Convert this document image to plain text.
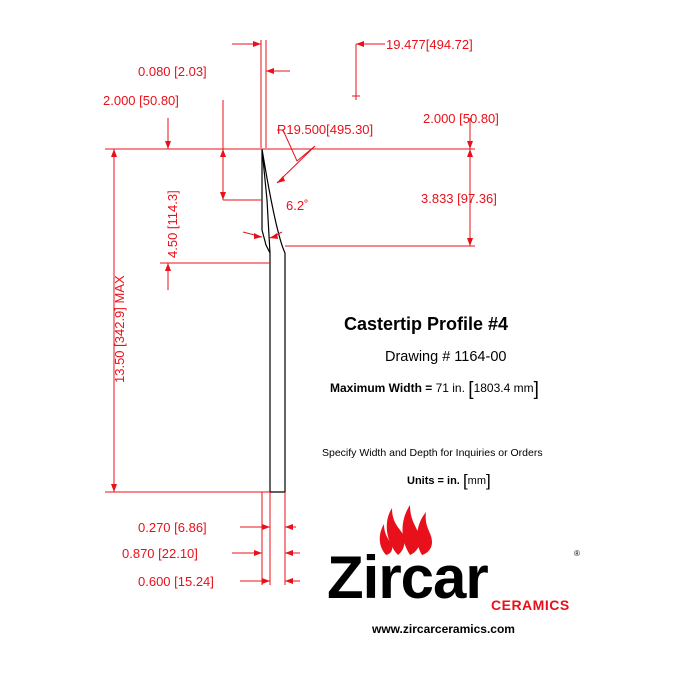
19.477[494.72]
0.080 [2.03]
2.000 [50.80]
2.000 [50.80]
R19.500[495.30]
3.833 [97.36]
6.2˚
4.50 [114.3]
13.50 [342.9] MAX
0.270 [6.86]
0.870 [22.10]
0.600 [15.24] Zircar	®
CERAMICS
Castertip Profile #4
Drawing # 1164-00
Maximum Width = 71 in. [1803.4 mm]
Specify Width and Depth for Inquiries or Orders
Units = in. [mm]
www.zircarceramics.com
